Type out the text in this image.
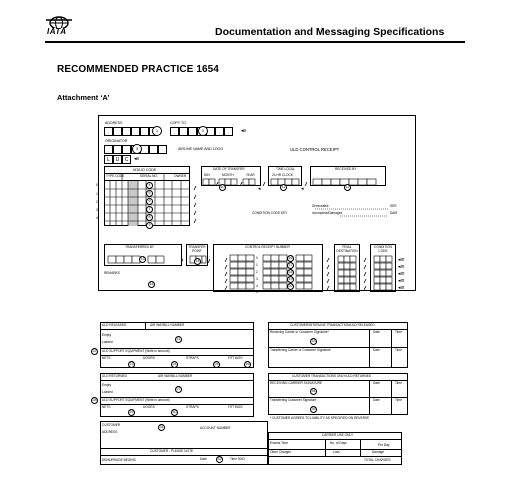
IATA	Documentation and Messaging Specifications
RECOMMENDED PRACTICE 1654
Attachment ‘A’
ADDRESS	COPY TO
1	2	◂≡
ORIGINATOR
3	AIRLINE NAME AND LOGO
L	U	C	◂≡
ULD CONTROL RECEIPT
IATA ID CODE
TYPE CODE	SERIAL NO.	OWNER
0
1
2
3
4
DATE OF TRANSFER
DAY	MONTH	YEAR
TIME LOCAL
24 HR CLOCK
RECEIVED BY
CONDITION CODE KEY
Serviceable	SER
Incomplete/Damaged	DAM
TRANSFERRED BY	TRANSFER POINT
CONTROL RECEIPT NUMBER	FINAL DESTINATION
CONDITION CODE
0
1
2
3
4
5
REMARKS
◂≡
◂≡
◂≡
◂≡
◂≡
◂	◂
4
5
6
7
8
9
10	11	12
13	14
15
16
17
18
19
20
ULD RELEASED	AIR WAYBILL NUMBER
Empty
Loaded
ULD SUPPORT EQUIPMENT (Write in amount)
NETS	DOORS	STRAPS	FITTINGS
21
22
23	24	25	26
ULD RETURNED	AIR WAYBILL NUMBER
Empty
Loaded
ULD SUPPORT EQUIPMENT (Write in amount)
NETS	DOORS	STRAPS	FITTINGS
27
28
29	30
CUSTOMER
ACCOUNT NUMBER
ADDRESS
31
CUSTOMER - PLEASE NOTE
DEMURRAGE BEGINS	Date	Time 0001
32
CUSTOMER/INTERLINE TRANSACTION/ULD RELEASED
Receiving Carrier or Customer Signature*	Date	Time
Transferring Carrier or Customer Signature	Date	Time
33
CUSTOMER TRANSACTIONS ONLY/ULD RETURNED
RECEIVING CARRIER SIGNATURE	Date	Time
Transferring Customer Signature	Date	Time
34
35
* CUSTOMER AGREES TO LIABILITY AS SPECIFIED ON REVERSE
CARRIER USE ONLY
Excess Time	No. of Days	Per Day
Other Charges	Loss	Damage
TOTAL CHARGES
